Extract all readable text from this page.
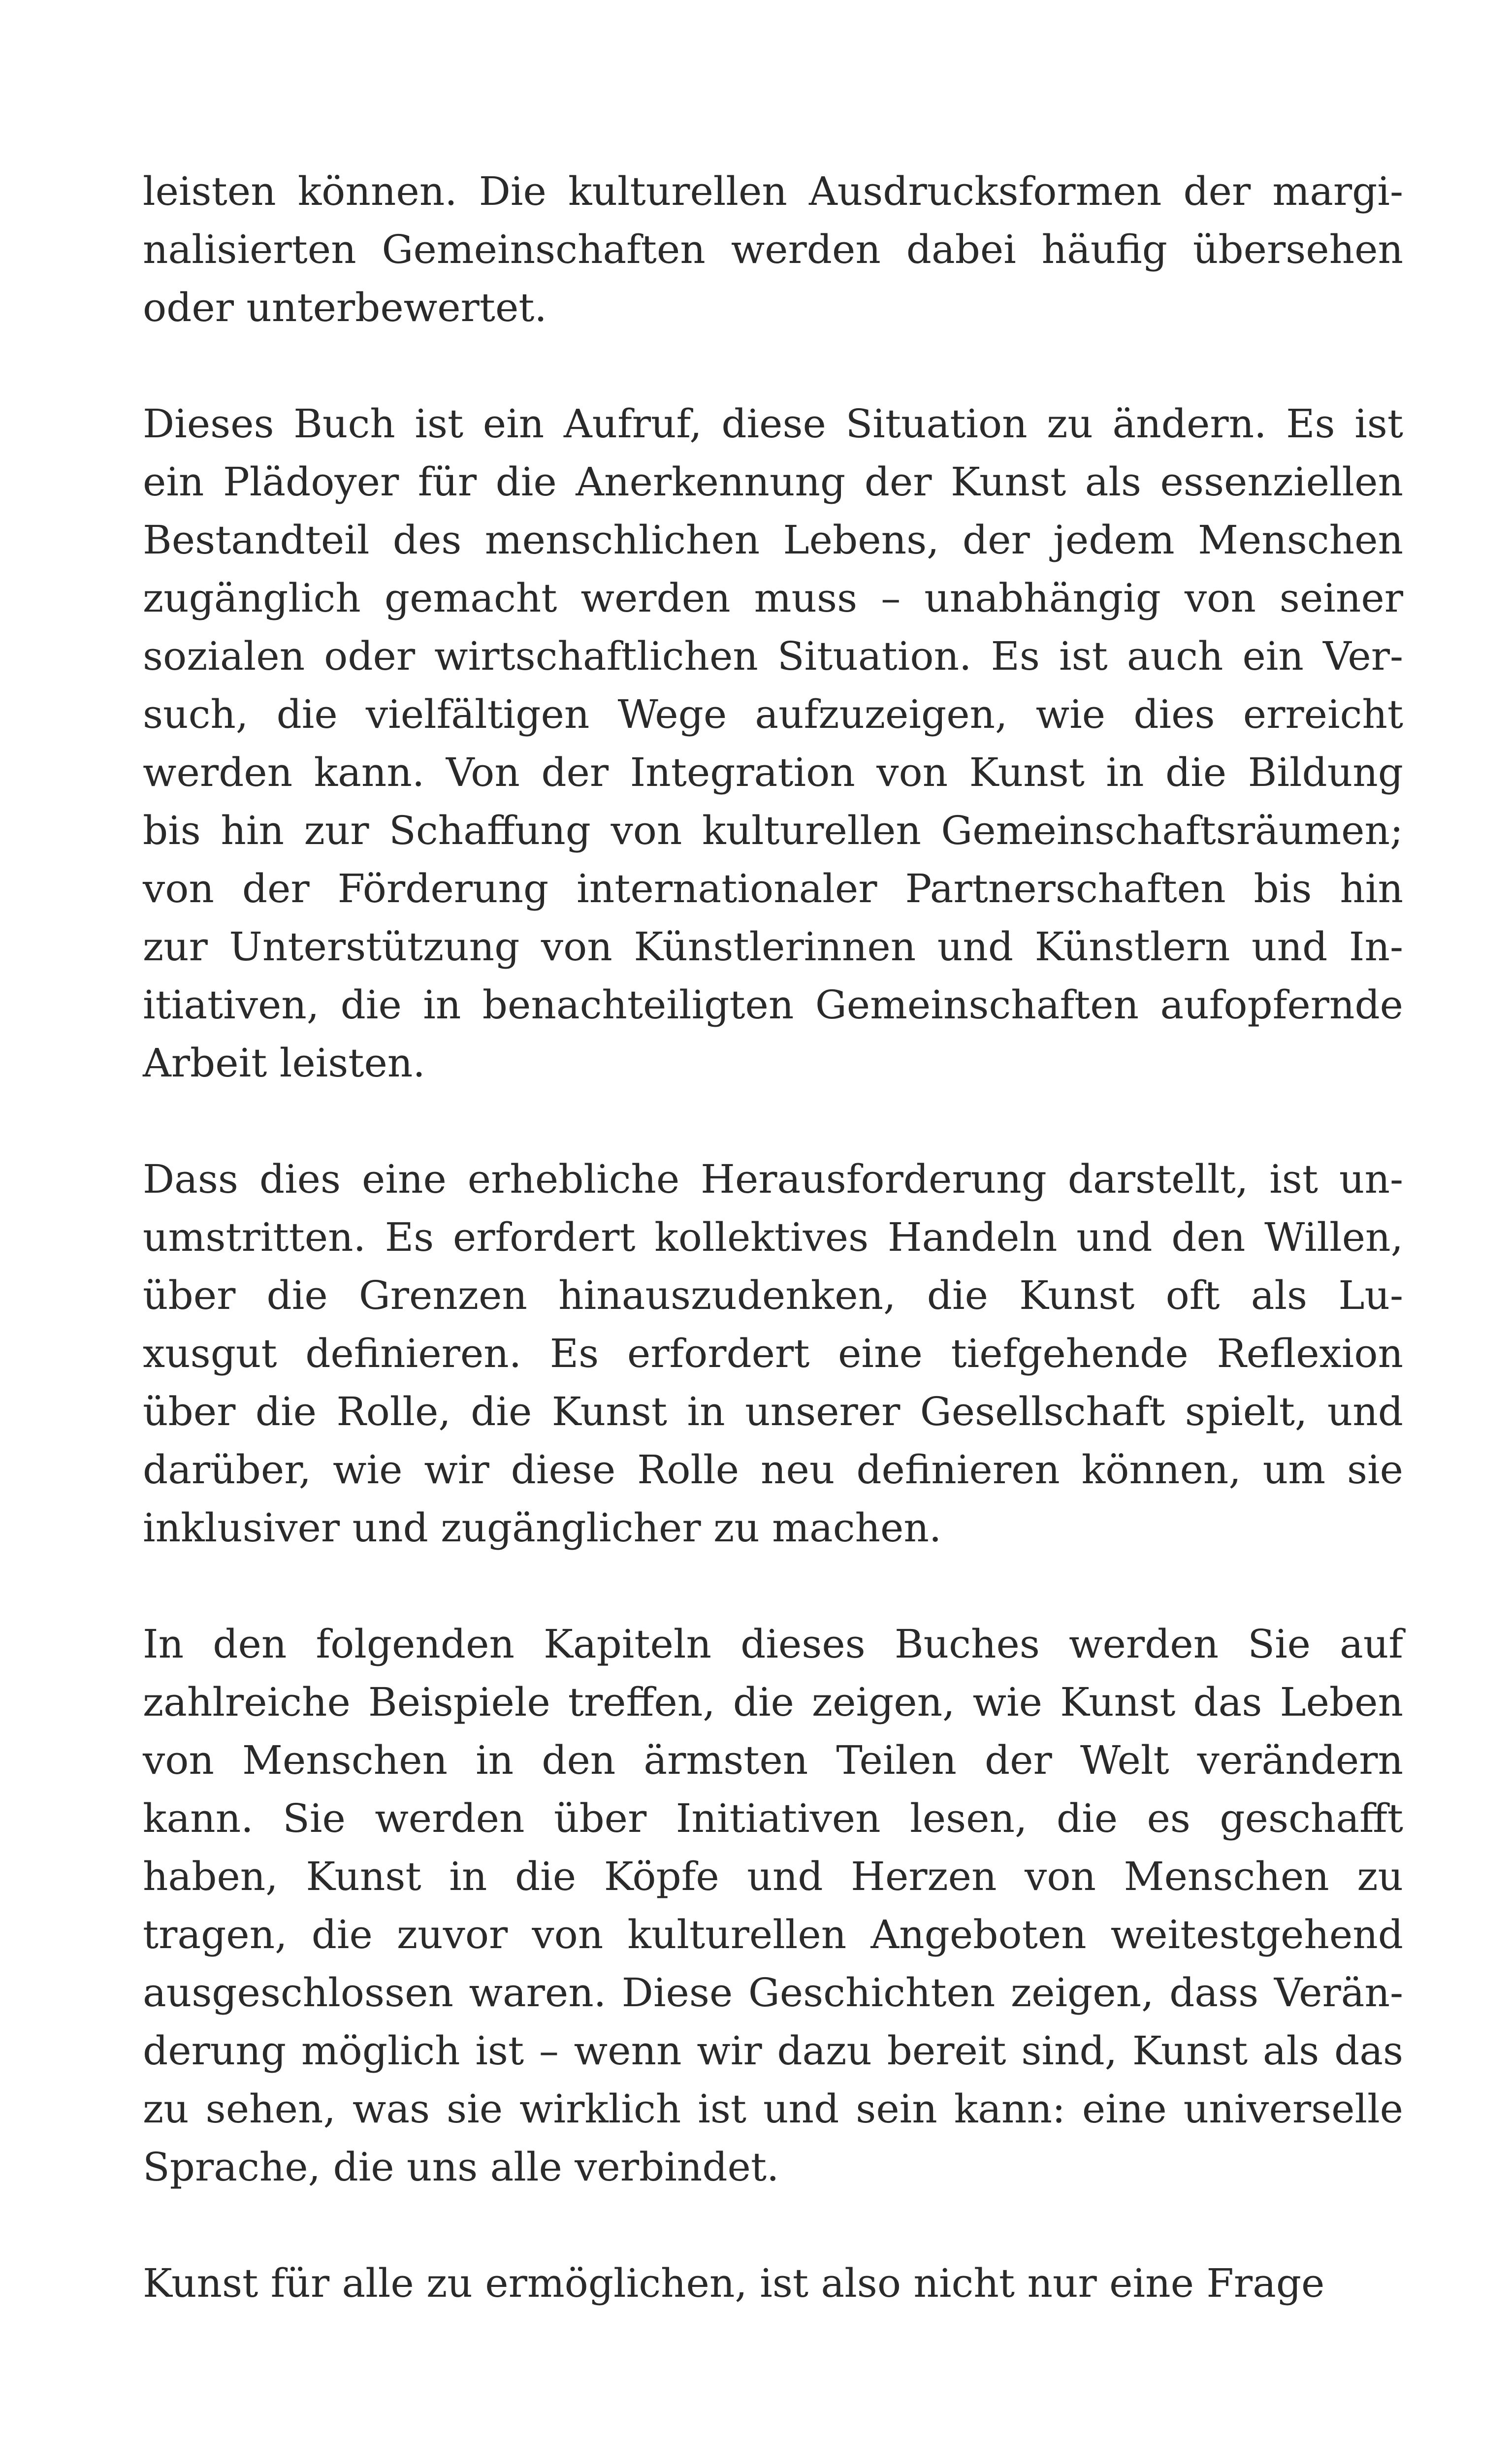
leisten können. Die kulturellen Ausdrucksformen der margi-
nalisierten Gemeinschaften werden dabei häufig übersehen
oder unterbewertet.

Dieses Buch ist ein Aufruf, diese Situation zu ändern. Es ist
ein Plädoyer für die Anerkennung der Kunst als essenziellen
Bestandteil des menschlichen Lebens, der jedem Menschen
zugänglich gemacht werden muss – unabhängig von seiner
sozialen oder wirtschaftlichen Situation. Es ist auch ein Ver-
such, die vielfältigen Wege aufzuzeigen, wie dies erreicht
werden kann. Von der Integration von Kunst in die Bildung
bis hin zur Schaffung von kulturellen Gemeinschaftsräumen;
von der Förderung internationaler Partnerschaften bis hin
zur Unterstützung von Künstlerinnen und Künstlern und In-
itiativen, die in benachteiligten Gemeinschaften aufopfernde
Arbeit leisten.

Dass dies eine erhebliche Herausforderung darstellt, ist un-
umstritten. Es erfordert kollektives Handeln und den Willen,
über die Grenzen hinauszudenken, die Kunst oft als Lu-
xusgut definieren. Es erfordert eine tiefgehende Reflexion
über die Rolle, die Kunst in unserer Gesellschaft spielt, und
darüber, wie wir diese Rolle neu definieren können, um sie
inklusiver und zugänglicher zu machen.

In den folgenden Kapiteln dieses Buches werden Sie auf
zahlreiche Beispiele treffen, die zeigen, wie Kunst das Leben
von Menschen in den ärmsten Teilen der Welt verändern
kann. Sie werden über Initiativen lesen, die es geschafft
haben, Kunst in die Köpfe und Herzen von Menschen zu
tragen, die zuvor von kulturellen Angeboten weitestgehend
ausgeschlossen waren. Diese Geschichten zeigen, dass Verän-
derung möglich ist – wenn wir dazu bereit sind, Kunst als das
zu sehen, was sie wirklich ist und sein kann: eine universelle
Sprache, die uns alle verbindet.

Kunst für alle zu ermöglichen, ist also nicht nur eine Frage
